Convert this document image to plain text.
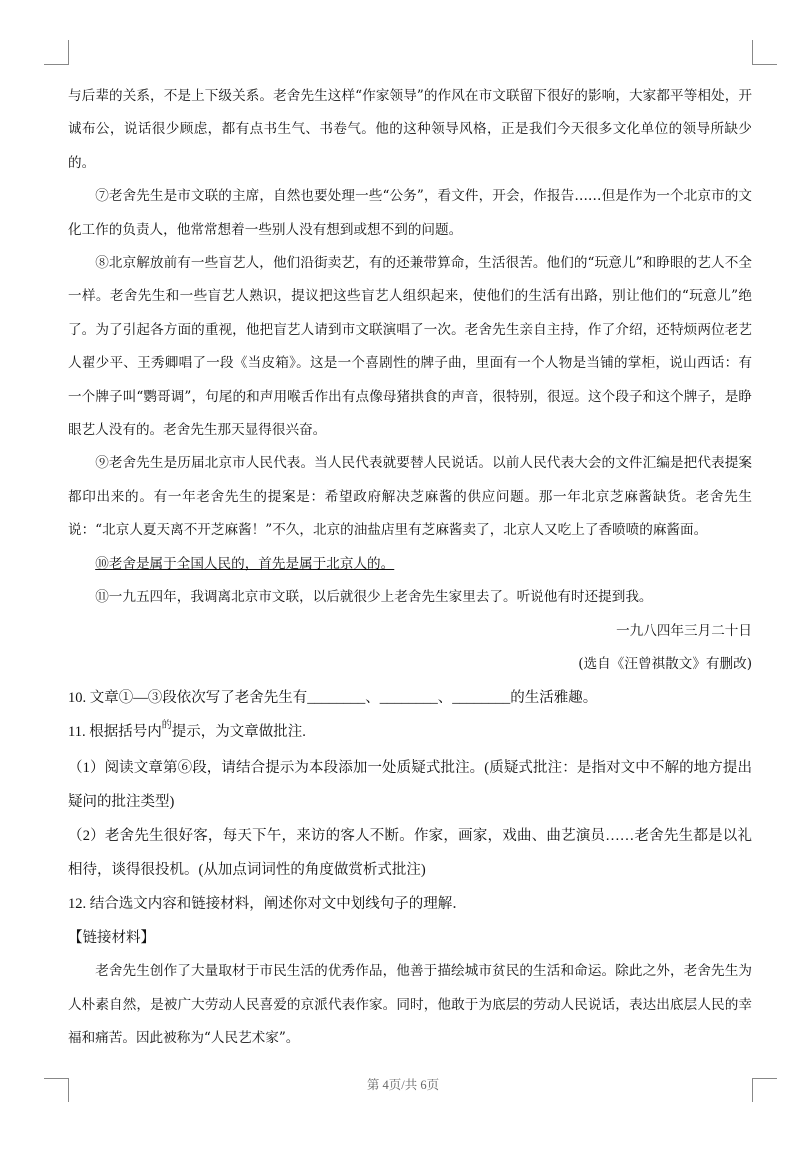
与后辈的关系，不是上下级关系。老舍先生这样“作家领导”的作风在市文联留下很好的影响，大家都平等相处，开诚布公，说话很少顾虑，都有点书生气、书卷气。他的这种领导风格，正是我们今天很多文化单位的领导所缺少的。

⑦老舍先生是市文联的主席，自然也要处理一些“公务”，看文件，开会，作报告……但是作为一个北京市的文化工作的负责人，他常常想着一些别人没有想到或想不到的问题。

⑧北京解放前有一些盲艺人，他们沿街卖艺，有的还兼带算命，生活很苦。他们的“玩意儿”和睁眼的艺人不全一样。老舍先生和一些盲艺人熟识，提议把这些盲艺人组织起来，使他们的生活有出路，别让他们的“玩意儿”绝了。为了引起各方面的重视，他把盲艺人请到市文联演唱了一次。老舍先生亲自主持，作了介绍，还特烦两位老艺人翟少平、王秀卿唱了一段《当皮箱》。这是一个喜剧性的牌子曲，里面有一个人物是当铺的掌柜，说山西话：有一个牌子叫“鹦哥调”，句尾的和声用喉舌作出有点像母猪拱食的声音，很特别，很逗。这个段子和这个牌子，是睁眼艺人没有的。老舍先生那天显得很兴奋。

⑨老舍先生是历届北京市人民代表。当人民代表就要替人民说话。以前人民代表大会的文件汇编是把代表提案都印出来的。有一年老舍先生的提案是：希望政府解决芝麻酱的供应问题。那一年北京芝麻酱缺货。老舍先生说：“北京人夏天离不开芝麻酱！”不久，北京的油盐店里有芝麻酱卖了，北京人又吃上了香喷喷的麻酱面。

⑩老舍是属于全国人民的，首先是属于北京人的。

⑪一九五四年，我调离北京市文联，以后就很少上老舍先生家里去了。听说他有时还提到我。

一九八四年三月二十日

(选自《汪曾祺散文》有删改)

10. 文章①—③段依次写了老舍先生有________、________、________的生活雅趣。

11. 根据括号内$^的$提示，为文章做批注.

（1）阅读文章第⑥段，请结合提示为本段添加一处质疑式批注。(质疑式批注：是指对文中不解的地方提出疑问的批注类型)

（2）老舍先生很好客，每天下午，来访的客人不断。作家，画家，戏曲、曲艺演员……老舍先生都是以礼相待，谈得很投机。(从加点词词性的角度做赏析式批注)

12. 结合选文内容和链接材料，阐述你对文中划线句子的理解．

【链接材料】

老舍先生创作了大量取材于市民生活的优秀作品，他善于描绘城市贫民的生活和命运。除此之外，老舍先生为人朴素自然，是被广大劳动人民喜爱的京派代表作家。同时，他敢于为底层的劳动人民说话，表达出底层人民的幸福和痛苦。因此被称为“人民艺术家”。

第 4页/共 6页
